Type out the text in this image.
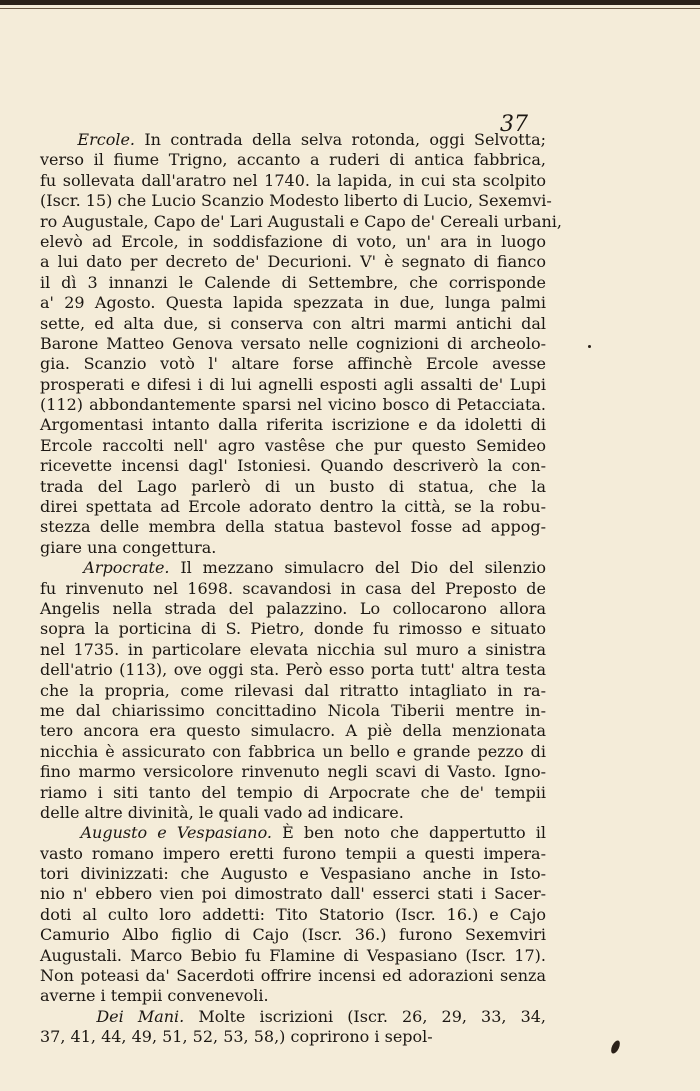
37
Ercole. In contrada della selva rotonda, oggi Selvotta;
verso il fiume Trigno, accanto a ruderi di antica fabbrica,
fu sollevata dall'aratro nel 1740. la lapida, in cui sta scolpito
(Iscr. 15) che Lucio Scanzio Modesto liberto di Lucio, Sexemvi-
ro Augustale, Capo de' Lari Augustali e Capo de' Cereali urbani,
elevò ad Ercole, in soddisfazione di voto, un' ara in luogo
a lui dato per decreto de' Decurioni. V' è segnato di fianco
il dì 3 innanzi le Calende di Settembre, che corrisponde
a' 29 Agosto. Questa lapida spezzata in due, lunga palmi
sette, ed alta due, si conserva con altri marmi antichi dal
Barone Matteo Genova versato nelle cognizioni di archeolo-
gia. Scanzio votò l' altare forse affinchè Ercole avesse
prosperati e difesi i di lui agnelli esposti agli assalti de' Lupi
(112) abbondantemente sparsi nel vicino bosco di Petacciata.
Argomentasi intanto dalla riferita iscrizione e da idoletti di
Ercole raccolti nell' agro vastêse che pur questo Semideo
ricevette incensi dagl' Istoniesi. Quando descriverò la con-
trada del Lago parlerò di un busto di statua, che la
direi spettata ad Ercole adorato dentro la città, se la robu-
stezza delle membra della statua bastevol fosse ad appog-
giare una congettura.
Arpocrate. Il mezzano simulacro del Dio del silenzio
fu rinvenuto nel 1698. scavandosi in casa del Preposto de
Angelis nella strada del palazzino. Lo collocarono allora
sopra la porticina di S. Pietro, donde fu rimosso e situato
nel 1735. in particolare elevata nicchia sul muro a sinistra
dell'atrio (113), ove oggi sta. Però esso porta tutt' altra testa
che la propria, come rilevasi dal ritratto intagliato in ra-
me dal chiarissimo concittadino Nicola Tiberii mentre in-
tero ancora era questo simulacro. A piè della menzionata
nicchia è assicurato con fabbrica un bello e grande pezzo di
fino marmo versicolore rinvenuto negli scavi di Vasto. Igno-
riamo i siti tanto del tempio di Arpocrate che de' tempii
delle altre divinità, le quali vado ad indicare.
Augusto e Vespasiano. È ben noto che dappertutto il
vasto romano impero eretti furono tempii a questi impera-
tori divinizzati: che Augusto e Vespasiano anche in Isto-
nio n' ebbero vien poi dimostrato dall' esserci stati i Sacer-
doti al culto loro addetti: Tito Statorio (Iscr. 16.) e Cajo
Camurio Albo figlio di Cajo (Iscr. 36.) furono Sexemviri
Augustali. Marco Bebio fu Flamine di Vespasiano (Iscr. 17).
Non poteasi da' Sacerdoti offrire incensi ed adorazioni senza
averne i tempii convenevoli.
Dei Mani. Molte iscrizioni (Iscr. 26, 29, 33, 34,
37, 41, 44, 49, 51, 52, 53, 58,) coprirono i sepol-
